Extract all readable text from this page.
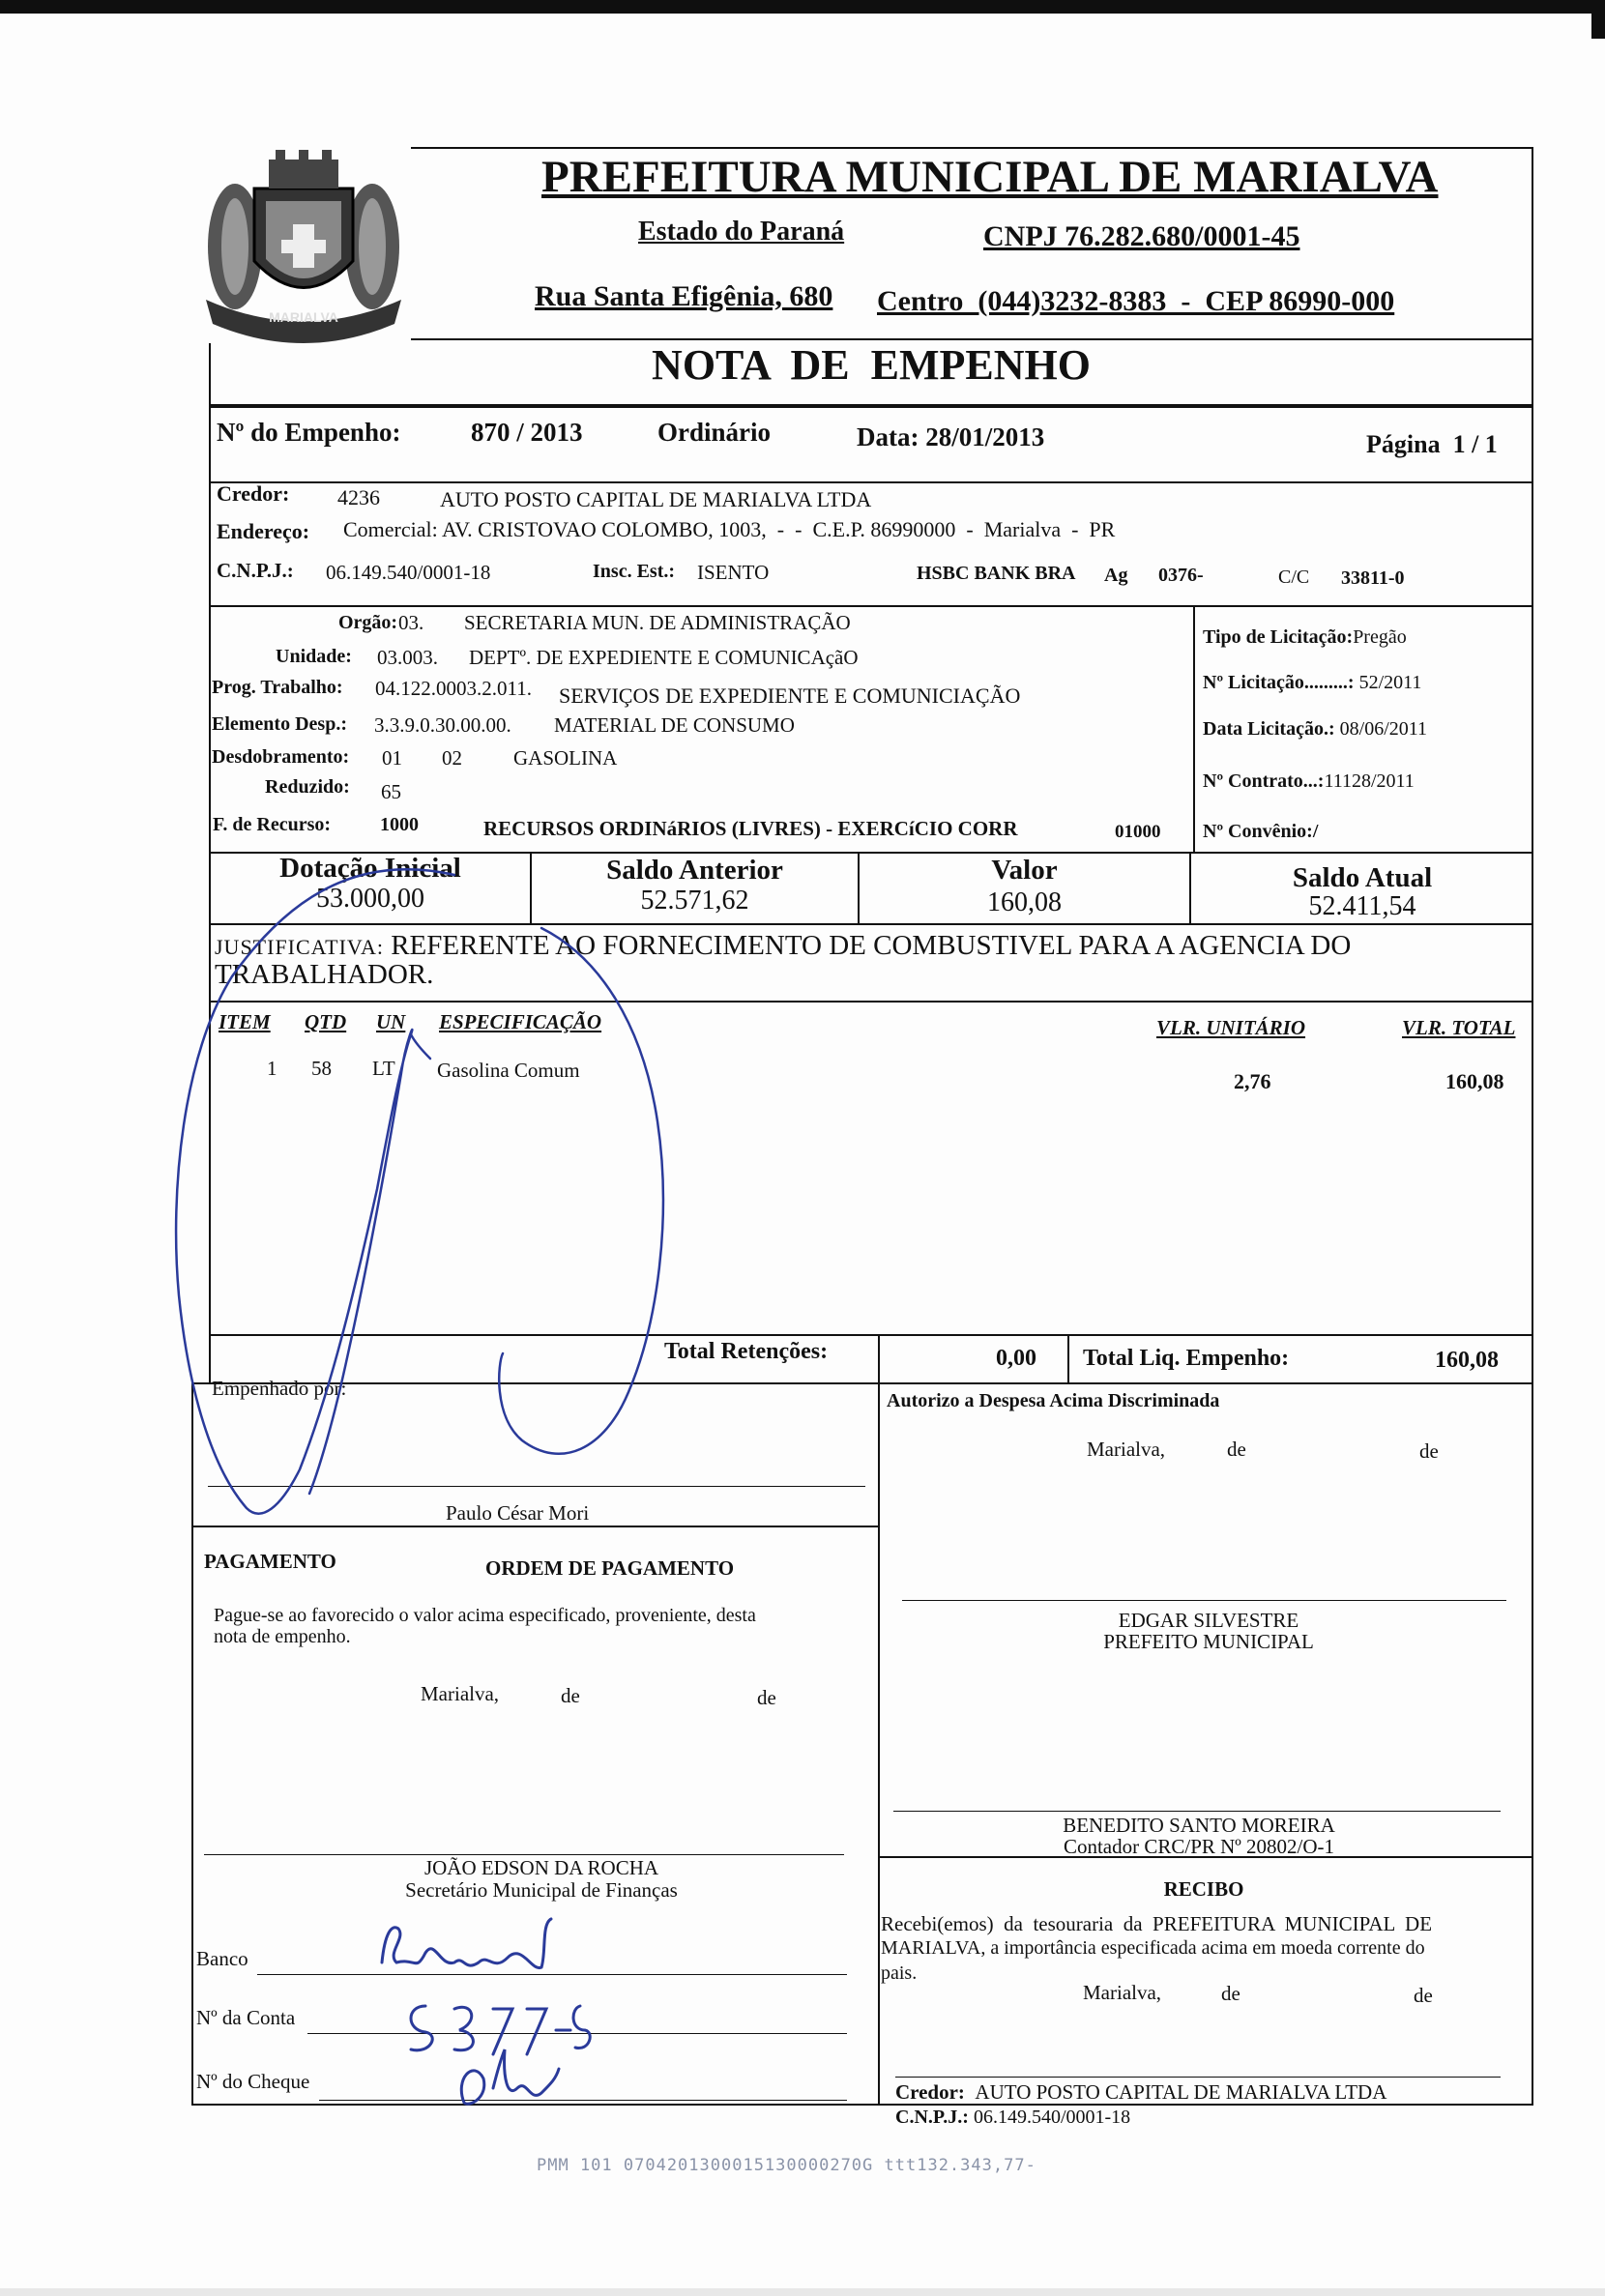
MARIALVA
PREFEITURA MUNICIPAL DE MARIALVA
Estado do Paraná	CNPJ 76.282.680/0001-45
Rua Santa Efigênia, 680 Centro  (044)3232-8383  -  CEP 86990-000
NOTA  DE  EMPENHO
Nº do Empenho:	870 / 2013	Ordinário	Data: 28/01/2013	Página  1 / 1
Credor: 4236	AUTO POSTO CAPITAL DE MARIALVA LTDA
Endereço: Comercial: AV. CRISTOVAO COLOMBO, 1003,  -  -  C.E.P. 86990000  -  Marialva  -  PR
C.N.P.J.: 06.149.540/0001-18	Insc. Est.: ISENTO	HSBC BANK BRA Ag 0376-	C/C 33811-0
Orgão: 03. SECRETARIA MUN. DE ADMINISTRAÇÃO
Unidade: 03.003. DEPTº. DE EXPEDIENTE E COMUNICAçãO
Prog. Trabalho: 04.122.0003.2.011. SERVIÇOS DE EXPEDIENTE E COMUNICIAÇÃO
Elemento Desp.: 3.3.9.0.30.00.00. MATERIAL DE CONSUMO
Desdobramento: 01 02	GASOLINA
Reduzido: 65
F. de Recurso:	1000	RECURSOS ORDINáRIOS (LIVRES) - EXERCíCIO CORR	01000
Tipo de Licitação:Pregão
Nº Licitação.........: 52/2011
Data Licitação.: 08/06/2011
Nº Contrato...:11128/2011
Nº Convênio:/
Dotação Inicial
53.000,00
Saldo Anterior
52.571,62
Valor
160,08
Saldo Atual
52.411,54
JUSTIFICATIVA: REFERENTE AO FORNECIMENTO DE COMBUSTIVEL PARA A AGENCIA DO
TRABALHADOR.
ITEM QTD UN ESPECIFICAÇÃO	VLR. UNITÁRIO	VLR. TOTAL
1 58 LT Gasolina Comum	2,76	160,08
Total Retenções:	0,00 Total Liq. Empenho:	160,08
Empenhado por:
Paulo César Mori
Autorizo a Despesa Acima Discriminada
Marialva,	de	de
EDGAR SILVESTRE
PREFEITO MUNICIPAL
PAGAMENTO	ORDEM DE PAGAMENTO
Pague-se ao favorecido o valor acima especificado, proveniente, desta
nota de empenho.
Marialva,	de	de
JOÃO EDSON DA ROCHA
Secretário Municipal de Finanças
BENEDITO SANTO MOREIRA
Contador CRC/PR Nº 20802/O-1
RECIBO
Recebi(emos)  da  tesouraria  da  PREFEITURA  MUNICIPAL  DE
MARIALVA, a importância especificada acima em moeda corrente do
pais.
Marialva,	de	de
Credor: AUTO POSTO CAPITAL DE MARIALVA LTDA
C.N.P.J.: 06.149.540/0001-18
Banco
Nº da Conta
Nº do Cheque
PMM 101 0704201300015130000270G ttt132.343,77-
